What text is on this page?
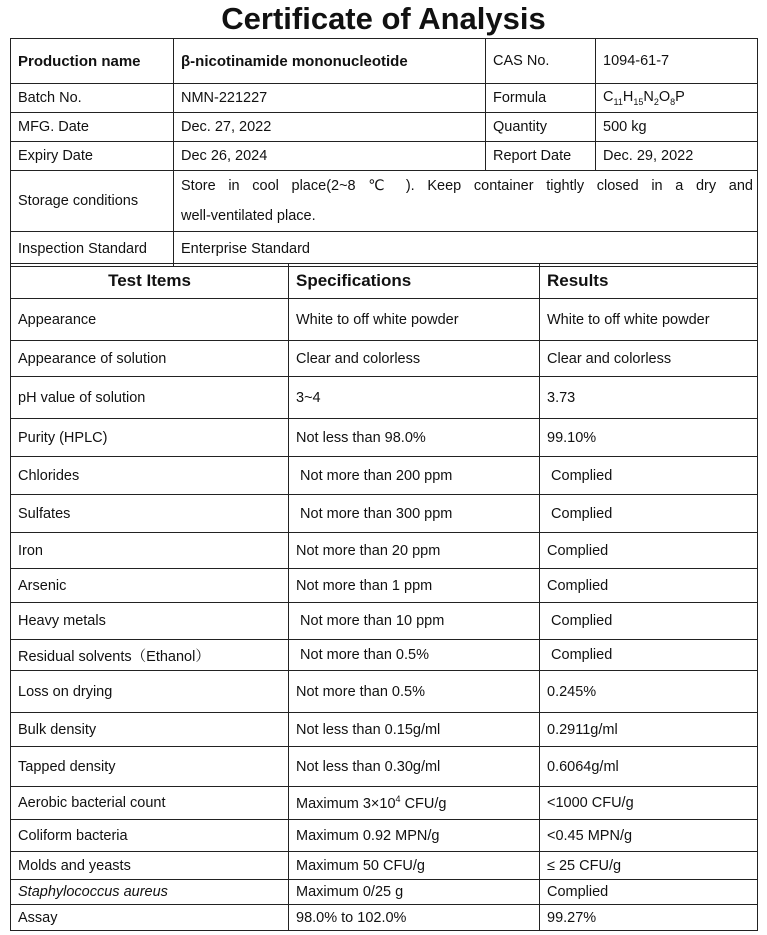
Certificate of Analysis
Production name	β-nicotinamide mononucleotide	CAS No.	1094-61-7
Batch No.	NMN-221227	Formula	$C_{11}H_{15}N_2O_8P$
MFG. Date	Dec. 27, 2022	Quantity	500 kg
Expiry Date	Dec 26, 2024	Report Date	Dec. 29, 2022
Storage conditions	Store in cool place(2~8 ℃ ). Keep container tightly closed in a dry and
well-ventilated place.		

Inspection Standard	Enterprise Standard		
Test Items	Specifications	Results
Appearance	White to off white powder	White to off white powder
Appearance of solution	Clear and colorless	Clear and colorless
pH value of solution	3~4	3.73
Purity (HPLC)	Not less than 98.0%	99.10%
Chlorides	Not more than 200 ppm	Complied
Sulfates	Not more than 300 ppm	Complied
Iron	Not more than 20 ppm	Complied
Arsenic	Not more than 1 ppm	Complied
Heavy metals	Not more than 10 ppm	Complied
Residual solvents（Ethanol）	Not more than 0.5%	Complied
Loss on drying	Not more than 0.5%	0.245%
Bulk density	Not less than 0.15g/ml	0.2911g/ml
Tapped density	Not less than 0.30g/ml	0.6064g/ml
Aerobic bacterial count	Maximum $3\times 10^4$ CFU/g	<1000 CFU/g
Coliform bacteria	Maximum 0.92 MPN/g	<0.45 MPN/g
Molds and yeasts	Maximum 50 CFU/g	≤ 25 CFU/g
Staphylococcus aureus	Maximum 0/25 g	Complied
Assay	98.0% to 102.0%	99.27%
